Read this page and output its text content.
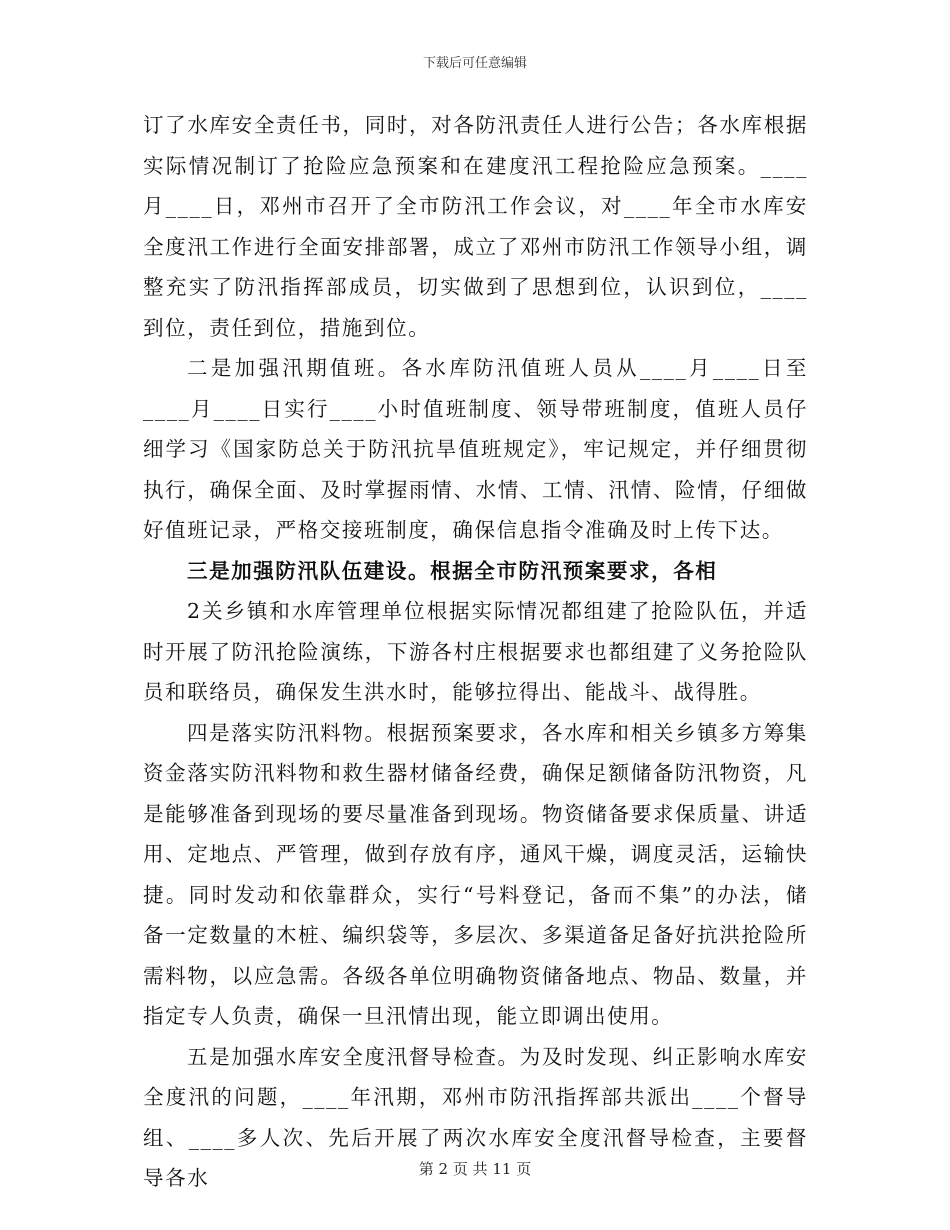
下载后可任意编辑

订了水库安全责任书，同时，对各防汛责任人进行公告；各水库根据实际情况制订了抢险应急预案和在建度汛工程抢险应急预案。____月____日，邓州市召开了全市防汛工作会议，对____年全市水库安全度汛工作进行全面安排部署，成立了邓州市防汛工作领导小组，调整充实了防汛指挥部成员，切实做到了思想到位，认识到位，____到位，责任到位，措施到位。

二是加强汛期值班。各水库防汛值班人员从____月____日至____月____日实行____小时值班制度、领导带班制度，值班人员仔细学习《国家防总关于防汛抗旱值班规定》，牢记规定，并仔细贯彻执行，确保全面、及时掌握雨情、水情、工情、汛情、险情，仔细做好值班记录，严格交接班制度，确保信息指令准确及时上传下达。

三是加强防汛队伍建设。根据全市防汛预案要求，各相

2关乡镇和水库管理单位根据实际情况都组建了抢险队伍，并适时开展了防汛抢险演练，下游各村庄根据要求也都组建了义务抢险队员和联络员，确保发生洪水时，能够拉得出、能战斗、战得胜。

四是落实防汛料物。根据预案要求，各水库和相关乡镇多方筹集资金落实防汛料物和救生器材储备经费，确保足额储备防汛物资，凡是能够准备到现场的要尽量准备到现场。物资储备要求保质量、讲适用、定地点、严管理，做到存放有序，通风干燥，调度灵活，运输快捷。同时发动和依靠群众，实行“号料登记，备而不集”的办法，储备一定数量的木桩、编织袋等，多层次、多渠道备足备好抗洪抢险所需料物，以应急需。各级各单位明确物资储备地点、物品、数量，并指定专人负责，确保一旦汛情出现，能立即调出使用。

五是加强水库安全度汛督导检查。为及时发现、纠正影响水库安全度汛的问题，____年汛期，邓州市防汛指挥部共派出____个督导组、____多人次、先后开展了两次水库安全度汛督导检查，主要督导各水	第 2 页 共 11 页
